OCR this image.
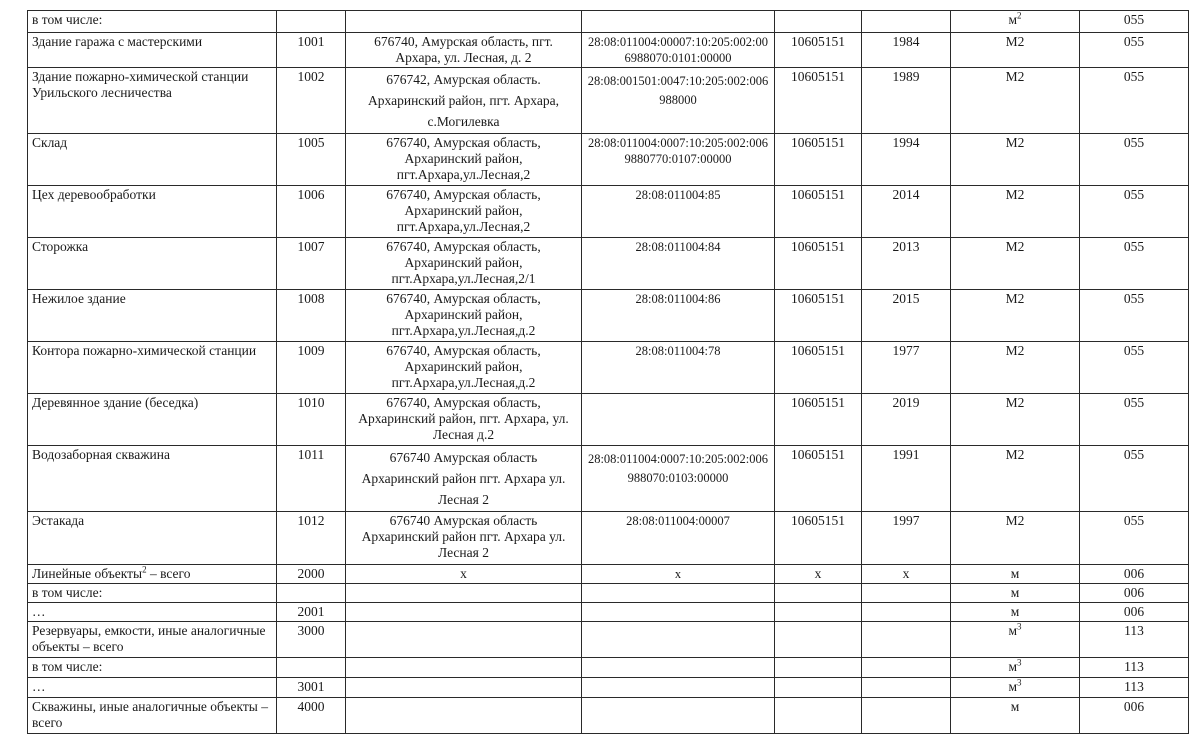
в том числе:						$м^2$	055
Здание гаража с мастерскими	1001	676740, Амурская область, пгт. Архара, ул. Лесная, д. 2	28:08:011004:00007:10:205:002:006988070:0101:00000	10605151	1984	М2	055
Здание пожарно-химической станции Урильского лесничества	1002	676742, Амурская область. Архаринский район, пгт. Архара, с.Могилевка	28:08:001501:0047:10:205:002:006988000	10605151	1989	М2	055
Склад	1005	676740, Амурская область, Архаринский район, пгт.Архара,ул.Лесная,2	28:08:011004:0007:10:205:002:0069880770:0107:00000	10605151	1994	М2	055
Цех деревообработки	1006	676740, Амурская область, Архаринский район, пгт.Архара,ул.Лесная,2	28:08:011004:85	10605151	2014	М2	055
Сторожка	1007	676740, Амурская область, Архаринский район, пгт.Архара,ул.Лесная,2/1	28:08:011004:84	10605151	2013	М2	055
Нежилое здание	1008	676740, Амурская область, Архаринский район, пгт.Архара,ул.Лесная,д.2	28:08:011004:86	10605151	2015	М2	055
Контора пожарно-химической станции	1009	676740, Амурская область, Архаринский район, пгт.Архара,ул.Лесная,д.2	28:08:011004:78	10605151	1977	М2	055
Деревянное здание (беседка)	1010	676740, Амурская область, Архаринский район, пгт. Архара, ул. Лесная д.2		10605151	2019	М2	055
Водозаборная скважина	1011	676740 Амурская область Архаринский район пгт. Архара ул. Лесная 2	28:08:011004:0007:10:205:002:006988070:0103:00000	10605151	1991	М2	055
Эстакада	1012	676740 Амурская область Архаринский район пгт. Архара ул. Лесная 2	28:08:011004:00007	10605151	1997	М2	055
Линейные объекты$^2$ – всего	2000	x	x	x	x	м	006
в том числе:						м	006
…	2001					м	006
Резервуары, емкости, иные аналогичные объекты – всего	3000					$м^3$	113
в том числе:						$м^3$	113
…	3001					$м^3$	113
Скважины, иные аналогичные объекты – всего	4000					м	006
